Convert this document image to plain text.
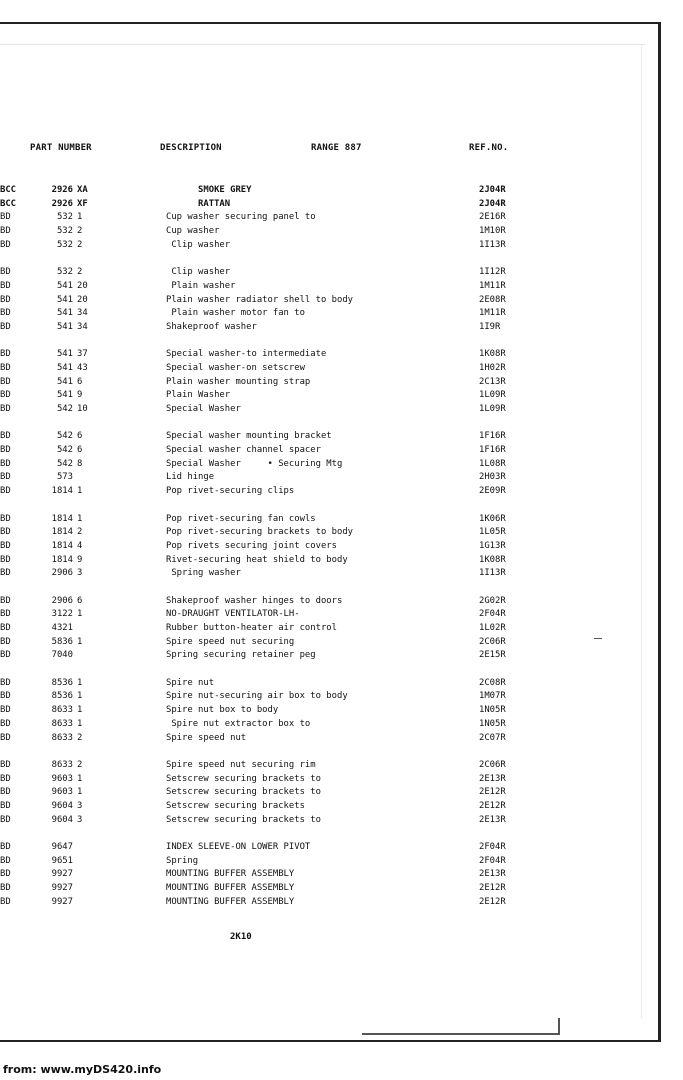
PART NUMBER	DESCRIPTION	RANGE 887	REF.NO.
BCC	2926 XA	SMOKE GREY	2J04R
BCC	2926 XF	RATTAN	2J04R
BD	532 1	Cup washer securing panel to	2E16R
BD	532 2	Cup washer	1M10R
BD	532 2	Clip washer	1I13R
BD	532 2	Clip washer	1I12R
BD	541 20	Plain washer	1M11R
BD	541 20	Plain washer radiator shell to body	2E08R
BD	541 34	Plain washer motor fan to	1M11R
BD	541 34	Shakeproof washer	1I9R
BD	541 37	Special washer-to intermediate	1K08R
BD	541 43	Special washer-on setscrew	1H02R
BD	541 6	Plain washer mounting strap	2C13R
BD	541 9	Plain Washer	1L09R
BD	542 10	Special Washer	1L09R
BD	542 6	Special washer mounting bracket	1F16R
BD	542 6	Special washer channel spacer	1F16R
BD	542 8	Special Washer     • Securing Mtg	1L08R
BD	573	Lid hinge	2H03R
BD	1814 1	Pop rivet-securing clips	2E09R
BD	1814 1	Pop rivet-securing fan cowls	1K06R
BD	1814 2	Pop rivet-securing brackets to body	1L05R
BD	1814 4	Pop rivets securing joint covers	1G13R
BD	1814 9	Rivet-securing heat shield to body	1K08R
BD	2906 3	Spring washer	1I13R
BD	2906 6	Shakeproof washer hinges to doors	2G02R
BD	3122 1	NO-DRAUGHT VENTILATOR-LH-	2F04R
BD	4321	Rubber button-heater air control	1L02R
BD	5836 1	Spire speed nut securing	2C06R
BD	7040	Spring securing retainer peg	2E15R
BD	8536 1	Spire nut	2C08R
BD	8536 1	Spire nut-securing air box to body	1M07R
BD	8633 1	Spire nut box to body	1N05R
BD	8633 1	Spire nut extractor box to	1N05R
BD	8633 2	Spire speed nut	2C07R
BD	8633 2	Spire speed nut securing rim	2C06R
BD	9603 1	Setscrew securing brackets to	2E13R
BD	9603 1	Setscrew securing brackets to	2E12R
BD	9604 3	Setscrew securing brackets	2E12R
BD	9604 3	Setscrew securing brackets to	2E13R
BD	9647	INDEX SLEEVE-ON LOWER PIVOT	2F04R
BD	9651	Spring	2F04R
BD	9927	MOUNTING BUFFER ASSEMBLY	2E13R
BD	9927	MOUNTING BUFFER ASSEMBLY	2E12R
BD	9927	MOUNTING BUFFER ASSEMBLY	2E12R
2K10
from: www.myDS420.info
